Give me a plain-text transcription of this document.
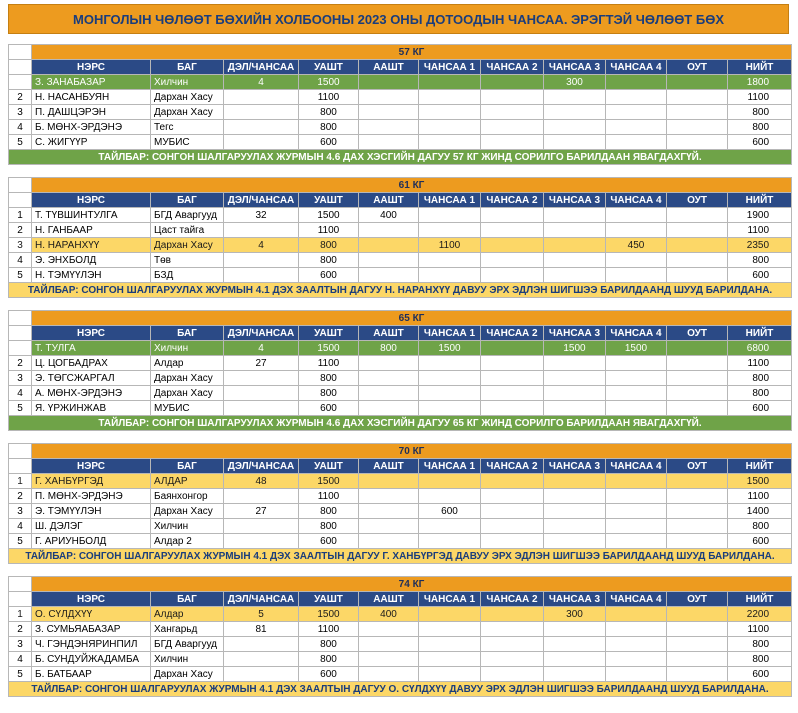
МОНГОЛЫН ЧӨЛӨӨТ БӨХИЙН ХОЛБООНЫ 2023 ОНЫ ДОТООДЫН ЧАНСАА. ЭРЭГТЭЙ ЧӨЛӨӨТ БӨХ
	57 КГ										
	НЭРС	БАГ	ДЭЛ/ЧАНСАА	УАШТ	ААШТ	ЧАНСАА 1	ЧАНСАА 2	ЧАНСАА 3	ЧАНСАА 4	ОУТ	НИЙТ
1	З. ЗАНАБАЗАР	Хилчин	4	1500				300			1800
2	Н. НАСАНБУЯН	Дархан Хасу		1100							1100
3	П. ДАШЦЭРЭН	Дархан Хасу		800							800
4	Б. МӨНХ-ЭРДЭНЭ	Тегс		800							800
5	С. ЖИГҮҮР	МУБИС		600							600
ТАЙЛБАР: СОНГОН ШАЛГАРУУЛАХ ЖУРМЫН 4.6 ДАХ ХЭСГИЙН ДАГУУ 57 КГ ЖИНД СОРИЛГО БАРИЛДААН ЯВАГДАХГҮЙ.											
	61 КГ										
	НЭРС	БАГ	ДЭЛ/ЧАНСАА	УАШТ	ААШТ	ЧАНСАА 1	ЧАНСАА 2	ЧАНСАА 3	ЧАНСАА 4	ОУТ	НИЙТ
1	Т. ТҮВШИНТУЛГА	БГД Аваргууд	32	1500	400						1900
2	Н. ГАНБААР	Цаст тайга		1100							1100
3	Н. НАРАНХҮҮ	Дархан Хасу	4	800		1100			450		2350
4	Э. ЭНХБОЛД	Төв		800							800
5	Н. ТЭМҮҮЛЭН	БЗД		600							600
ТАЙЛБАР: СОНГОН ШАЛГАРУУЛАХ ЖУРМЫН 4.1 ДЭХ ЗААЛТЫН ДАГУУ Н. НАРАНХҮҮ ДАВУУ ЭРХ ЭДЛЭН ШИГШЭЭ БАРИЛДААНД ШУУД БАРИЛДАНА.											
	65 КГ										
	НЭРС	БАГ	ДЭЛ/ЧАНСАА	УАШТ	ААШТ	ЧАНСАА 1	ЧАНСАА 2	ЧАНСАА 3	ЧАНСАА 4	ОУТ	НИЙТ
1	Т. ТУЛГА	Хилчин	4	1500	800	1500		1500	1500		6800
2	Ц. ЦОГБАДРАХ	Алдар	27	1100							1100
3	Э. ТӨГСЖАРГАЛ	Дархан Хасу		800							800
4	А. МӨНХ-ЭРДЭНЭ	Дархан Хасу		800							800
5	Я. ҮРЖИНЖАВ	МУБИС		600							600
ТАЙЛБАР: СОНГОН ШАЛГАРУУЛАХ ЖУРМЫН 4.6 ДАХ ХЭСГИЙН ДАГУУ 65 КГ ЖИНД СОРИЛГО БАРИЛДААН ЯВАГДАХГҮЙ.											
	70 КГ										
	НЭРС	БАГ	ДЭЛ/ЧАНСАА	УАШТ	ААШТ	ЧАНСАА 1	ЧАНСАА 2	ЧАНСАА 3	ЧАНСАА 4	ОУТ	НИЙТ
1	Г. ХАНБҮРГЭД	АЛДАР	48	1500							1500
2	П. МӨНХ-ЭРДЭНЭ	Баянхонгор		1100							1100
3	Э. ТЭМҮҮЛЭН	Дархан Хасу	27	800		600					1400
4	Ш. ДЭЛЭГ	Хилчин		800							800
5	Г. АРИУНБОЛД	Алдар 2		600							600
ТАЙЛБАР: СОНГОН ШАЛГАРУУЛАХ ЖУРМЫН 4.1 ДЭХ ЗААЛТЫН ДАГУУ Г. ХАНБҮРГЭД ДАВУУ ЭРХ ЭДЛЭН ШИГШЭЭ БАРИЛДААНД ШУУД БАРИЛДАНА.											
	74 КГ										
	НЭРС	БАГ	ДЭЛ/ЧАНСАА	УАШТ	ААШТ	ЧАНСАА 1	ЧАНСАА 2	ЧАНСАА 3	ЧАНСАА 4	ОУТ	НИЙТ
1	О. СҮЛДХҮҮ	Алдар	5	1500	400			300			2200
2	З. СУМЬЯАБАЗАР	Хангарьд	81	1100							1100
3	Ч. ГЭНДЭНЯРИНПИЛ	БГД Аваргууд		800							800
4	Б. СУНДУЙЖАДАМБА	Хилчин		800							800
5	Б. БАТБААР	Дархан Хасу		600							600
ТАЙЛБАР: СОНГОН ШАЛГАРУУЛАХ ЖУРМЫН 4.1 ДЭХ ЗААЛТЫН ДАГУУ О. СҮЛДХҮҮ ДАВУУ ЭРХ ЭДЛЭН ШИГШЭЭ БАРИЛДААНД ШУУД БАРИЛДАНА.											
